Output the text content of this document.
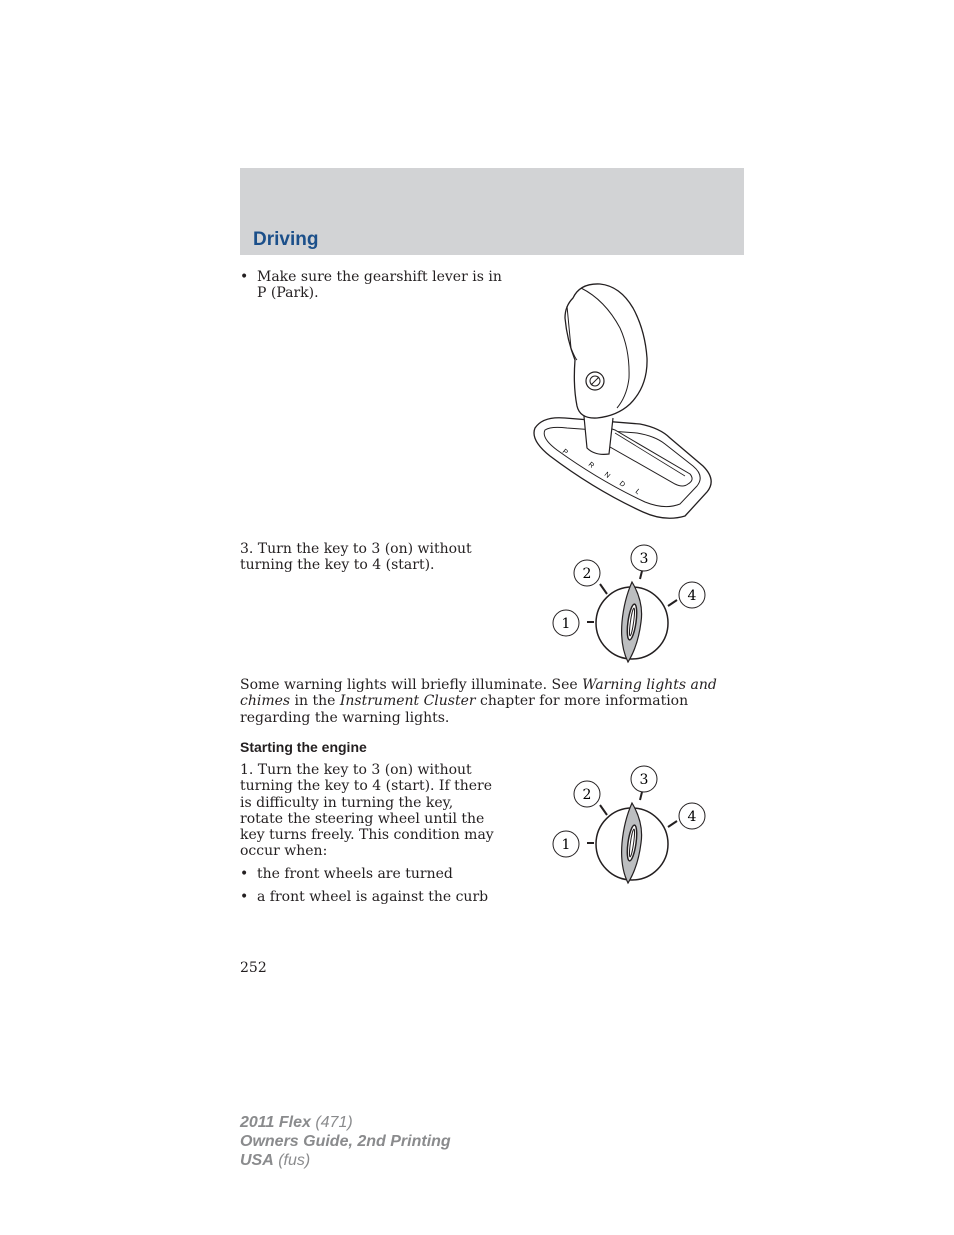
Driving
• Make sure the gearshift lever is in
P (Park).
P
R
N
D
L
3. Turn the key to 3 (on) without
turning the key to 4 (start).
1
2
3
4
Some warning lights will briefly illuminate. See Warning lights and
chimes in the Instrument Cluster chapter for more information
regarding the warning lights.
Starting the engine
1. Turn the key to 3 (on) without
turning the key to 4 (start). If there
is difficulty in turning the key,
rotate the steering wheel until the
key turns freely. This condition may
occur when:
• the front wheels are turned
• a front wheel is against the curb
1
2
3
4
252
2011 Flex (471)
Owners Guide, 2nd Printing
USA (fus)
